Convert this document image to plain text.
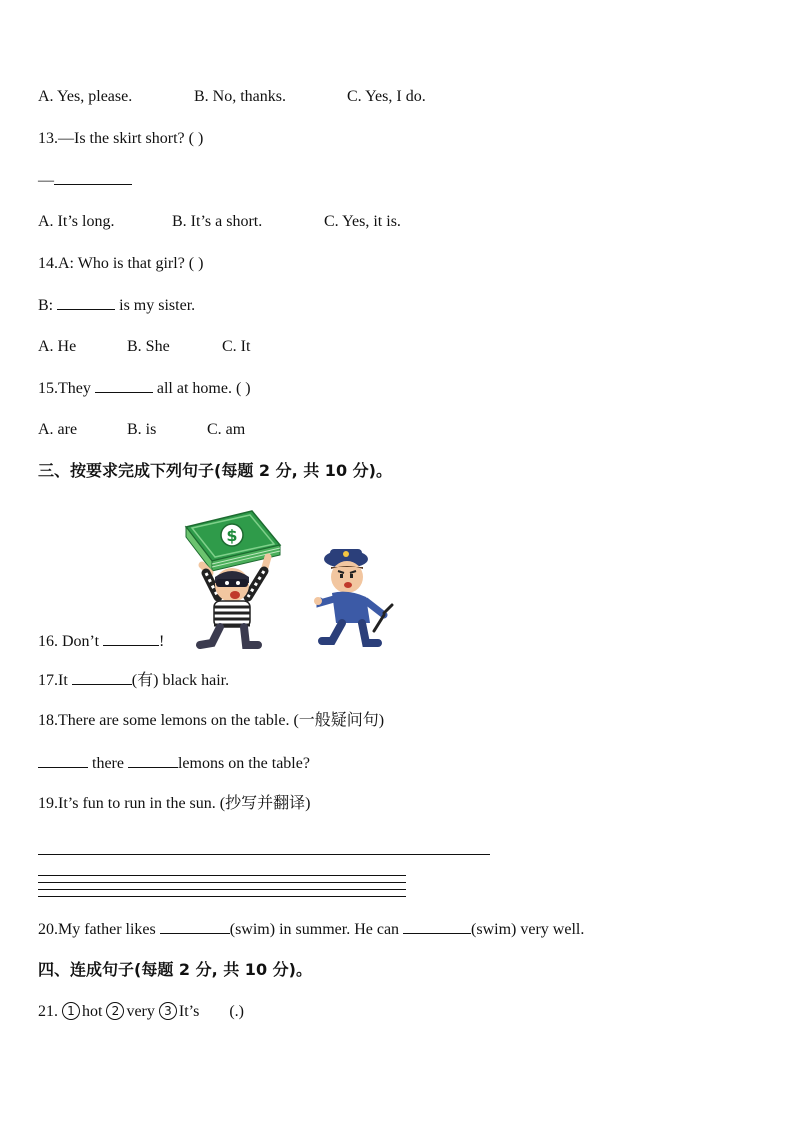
A. Yes, please.	B. No, thanks.	C. Yes, I do.
13.—Is the skirt short? ( )
—
A. It’s long.	B. It’s a short.	C. Yes, it is.
14.A: Who is that girl? ( )
B:	is my sister.
A. He	B. She	C. It
15.They	all at home. ( )
A. are	B. is	C. am
三、按要求完成下列句子(每题 2 分, 共 10 分)。
$
16. Don’t	!
17.It	(有) black hair.
18.There are some lemons on the table. (一般疑问句)
there	lemons on the table?
19.It’s fun to run in the sun. (抄写并翻译)
20.My father likes	(swim) in summer. He can	(swim) very well.
四、连成句子(每题 2 分, 共 10 分)。
21. 1 hot 2 very 3 It’s (.)
